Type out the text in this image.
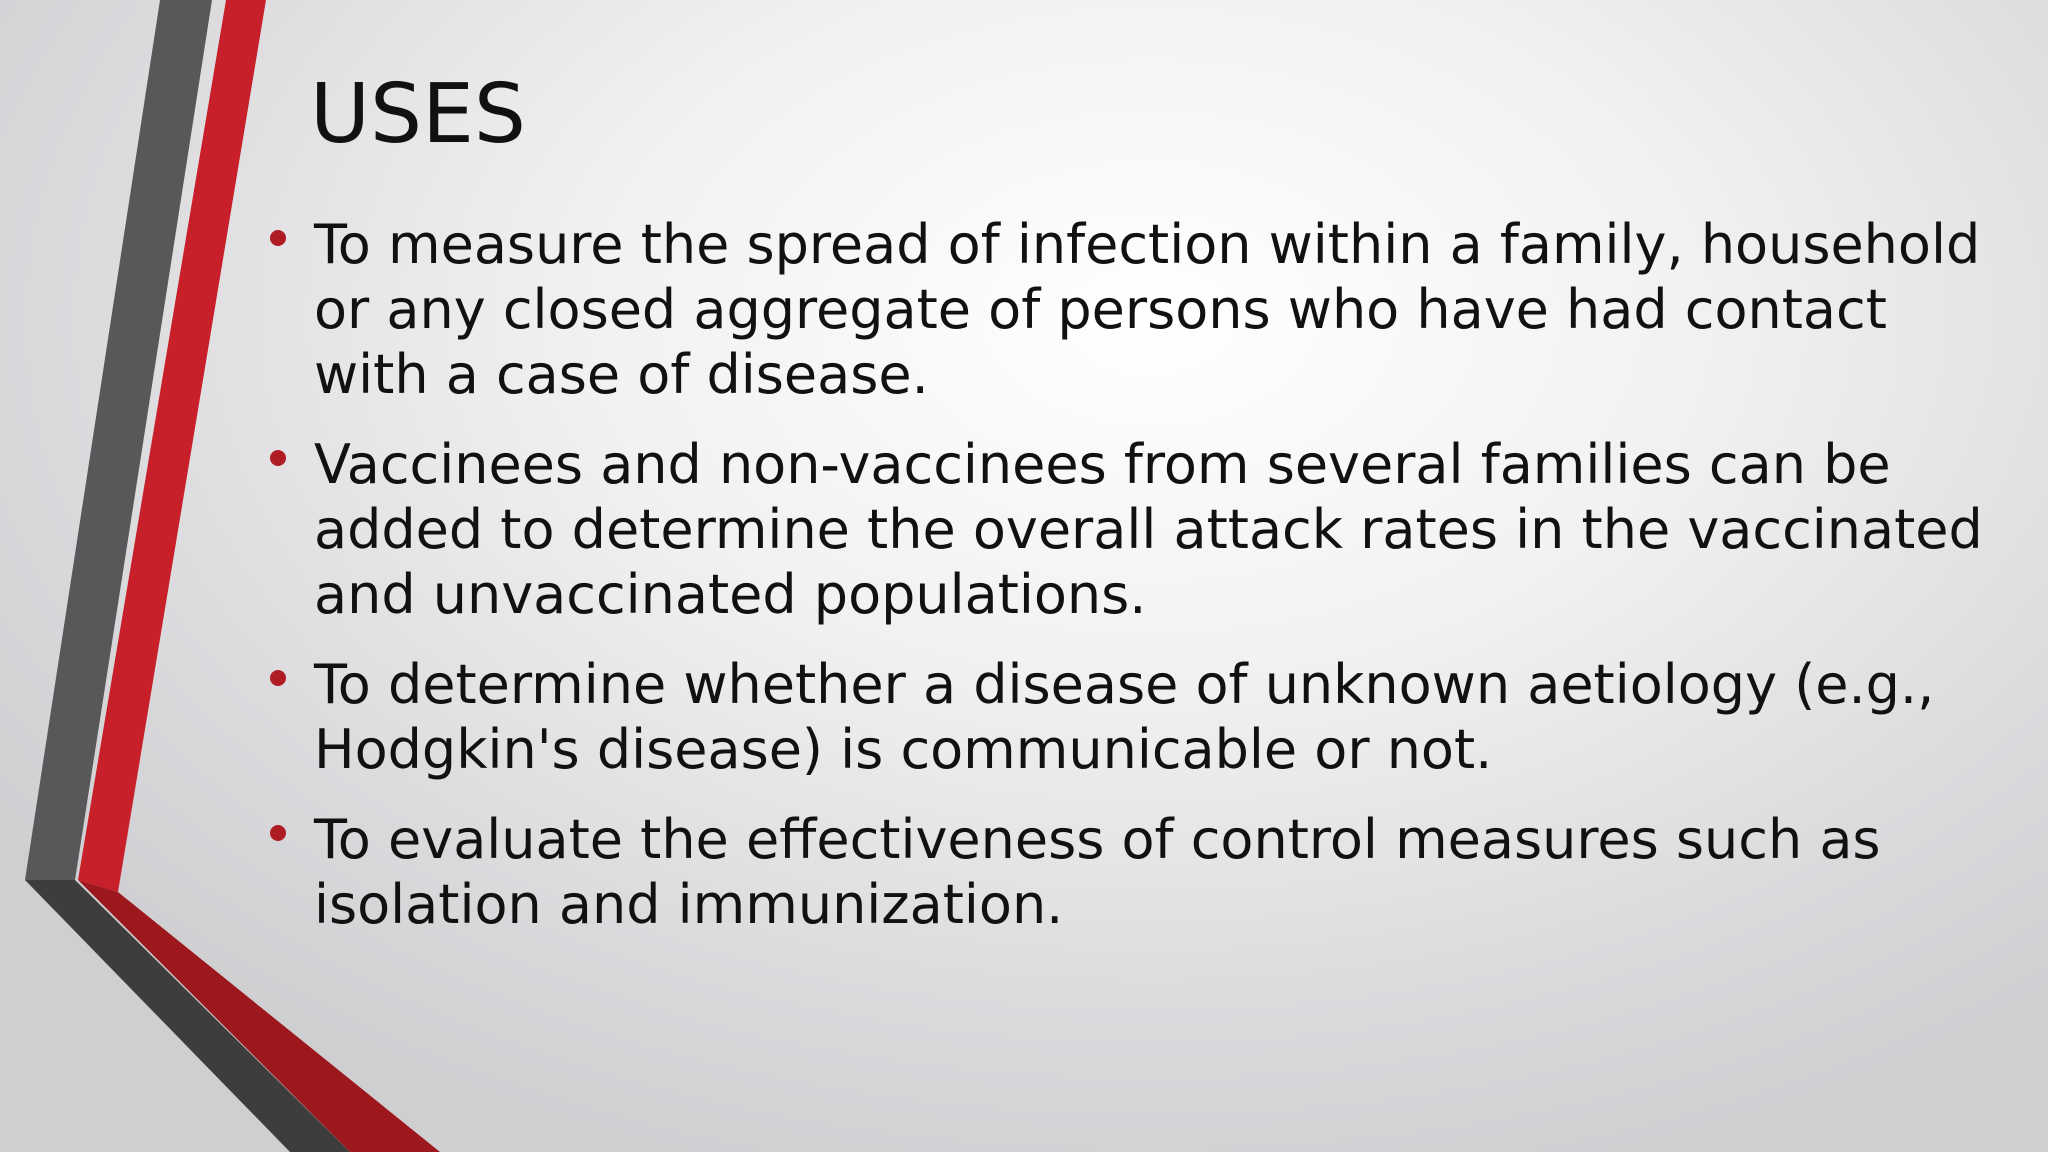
USES
To measure the spread of infection within a family, household or any closed aggregate of persons who have had contact with a case of disease.
Vaccinees and non-vaccinees from several families can be added to determine the overall attack rates in the vaccinated and unvaccinated populations.
To determine whether a disease of unknown aetiology (e.g., Hodgkin's disease) is communicable or not.
To evaluate the effectiveness of control measures such as isolation and immunization.
